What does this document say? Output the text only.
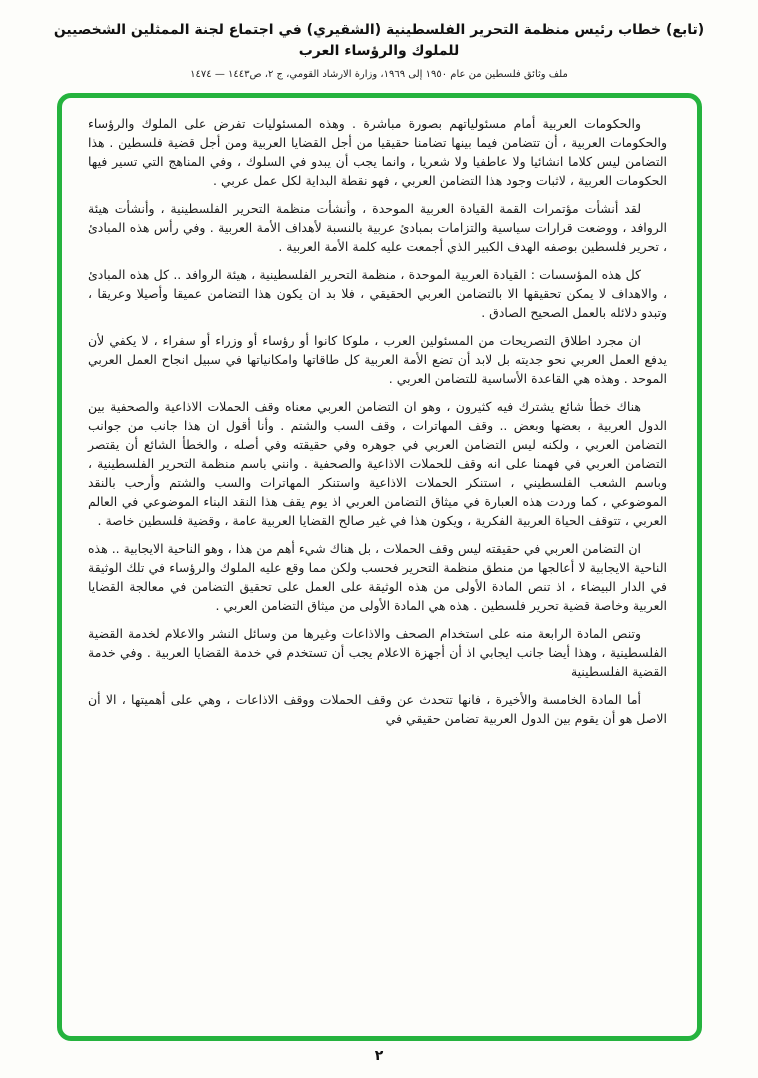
(تابع) خطاب رئيس منظمة التحرير الفلسطينية (الشقيري) في اجتماع لجنة الممثلين الشخصيين للملوك والرؤساء العرب
ملف وثائق فلسطين من عام ١٩٥٠ إلى ١٩٦٩، وزارة الارشاد القومي، ج ٢، ص١٤٤٣ — ١٤٧٤

والحكومات العربية أمام مسئولياتهم بصورة مباشرة . وهذه المسئوليات تفرض على الملوك والرؤساء والحكومات العربية ، أن تتضامن فيما بينها تضامنا حقيقيا من أجل القضايا العربية ومن أجل قضية فلسطين . هذا التضامن ليس كلاما انشائيا ولا عاطفيا ولا شعريا ، وانما يجب أن يبدو في السلوك ، وفي المناهج التي تسير فيها الحكومات العربية ، لاثبات وجود هذا التضامن العربي ، فهو نقطة البداية لكل عمل عربي .

لقد أنشأت مؤتمرات القمة القيادة العربية الموحدة ، وأنشأت منظمة التحرير الفلسطينية ، وأنشأت هيئة الروافد ، ووضعت قرارات سياسية والتزامات بمبادئ عربية بالنسبة لأهداف الأمة العربية . وفي رأس هذه المبادئ ، تحرير فلسطين بوصفه الهدف الكبير الذي أجمعت عليه كلمة الأمة العربية .

كل هذه المؤسسات : القيادة العربية الموحدة ، منظمة التحرير الفلسطينية ، هيئة الروافد .. كل هذه المبادئ ، والاهداف لا يمكن تحقيقها الا بالتضامن العربي الحقيقي ، فلا بد ان يكون هذا التضامن عميقا وأصيلا وعريقا ، وتبدو دلائله بالعمل الصحيح الصادق .

ان مجرد اطلاق التصريحات من المسئولين العرب ، ملوكا كانوا أو رؤساء أو وزراء أو سفراء ، لا يكفي لأن يدفع العمل العربي نحو جديته بل لابد أن تضع الأمة العربية كل طاقاتها وامكانياتها في سبيل انجاح العمل العربي الموحد . وهذه هي القاعدة الأساسية للتضامن العربي .

هناك خطأ شائع يشترك فيه كثيرون ، وهو ان التضامن العربي معناه وقف الحملات الاذاعية والصحفية بين الدول العربية ، بعضها وبعض .. وقف المهاترات ، وقف السب والشتم . وأنا أقول ان هذا جانب من جوانب التضامن العربي ، ولكنه ليس التضامن العربي في جوهره وفي حقيقته وفي أصله ، والخطأ الشائع أن يقتصر التضامن العربي في فهمنا على انه وقف للحملات الاذاعية والصحفية . وانني باسم منظمة التحرير الفلسطينية ، وباسم الشعب الفلسطيني ، استنكر الحملات الاذاعية واستنكر المهاترات والسب والشتم وأرحب بالنقد الموضوعي ، كما وردت هذه العبارة في ميثاق التضامن العربي اذ يوم يقف هذا النقد البناء الموضوعي في العالم العربي ، تتوقف الحياة العربية الفكرية ، ويكون هذا في غير صالح القضايا العربية عامة ، وقضية فلسطين خاصة .

ان التضامن العربي في حقيقته ليس وقف الحملات ، بل هناك شيء أهم من هذا ، وهو الناحية الايجابية .. هذه الناحية الايجابية لا أعالجها من منطق منظمة التحرير فحسب ولكن مما وقع عليه الملوك والرؤساء في تلك الوثيقة في الدار البيضاء ، اذ تنص المادة الأولى من هذه الوثيقة على العمل على تحقيق التضامن في معالجة القضايا العربية وخاصة قضية تحرير فلسطين . هذه هي المادة الأولى من ميثاق التضامن العربي .

وتنص المادة الرابعة منه على استخدام الصحف والاذاعات وغيرها من وسائل النشر والاعلام لخدمة القضية الفلسطينية ، وهذا أيضا جانب ايجابي اذ أن أجهزة الاعلام يجب أن تستخدم في خدمة القضايا العربية . وفي خدمة القضية الفلسطينية

أما المادة الخامسة والأخيرة ، فانها تتحدث عن وقف الحملات ووقف الاذاعات ، وهي على أهميتها ، الا أن الاصل هو أن يقوم بين الدول العربية تضامن حقيقي في

٢
